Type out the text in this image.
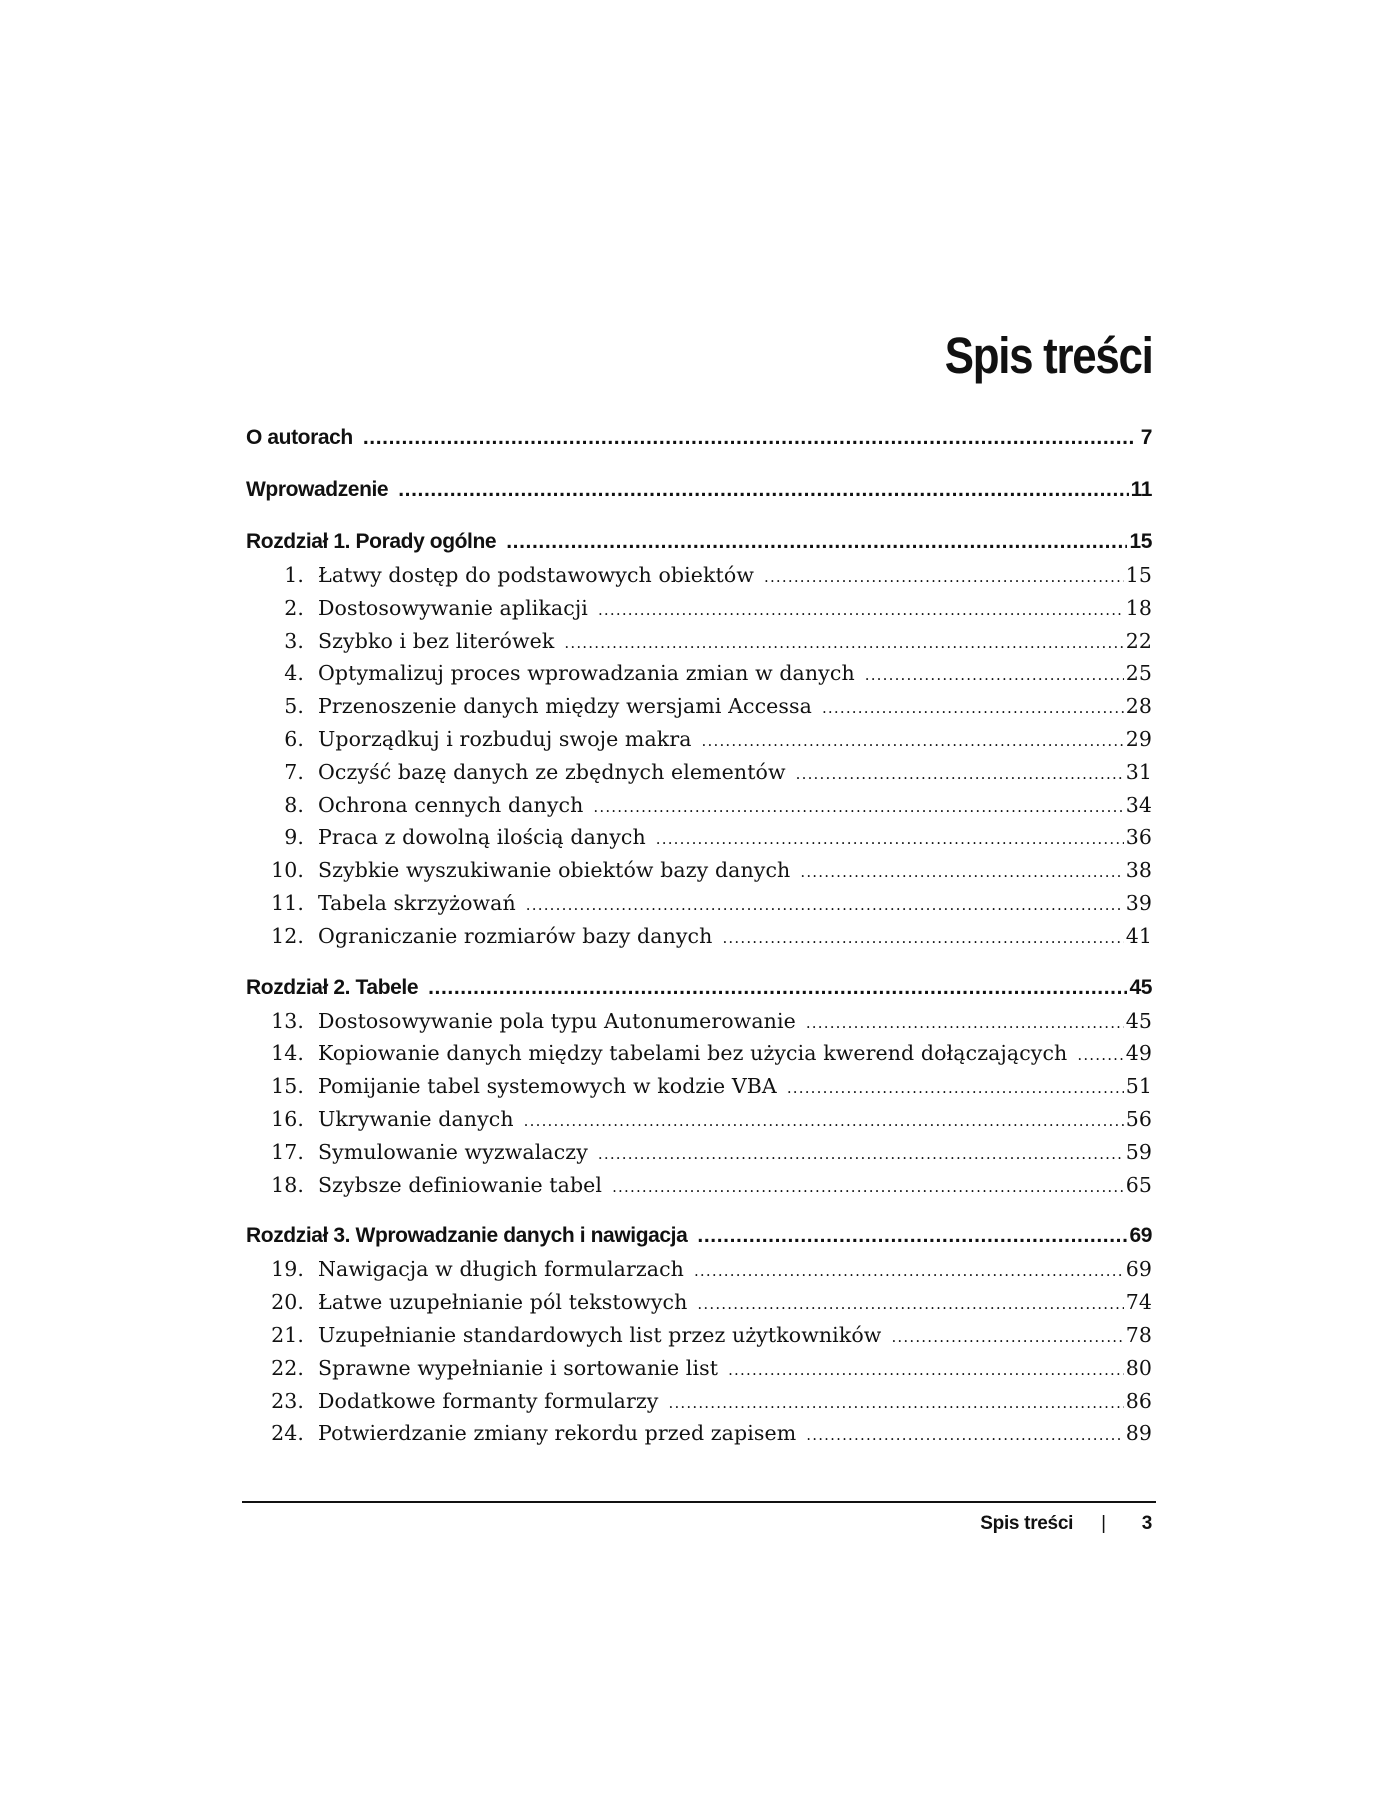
Spis treści
O autorach .....	7
Wprowadzenie .....	11
Rozdział 1. Porady ogólne .....	15
1. Łatwy dostęp do podstawowych obiektów .....	15
2. Dostosowywanie aplikacji .....	18
3. Szybko i bez literówek .....	22
4. Optymalizuj proces wprowadzania zmian w danych .....	25
5. Przenoszenie danych między wersjami Accessa .....	28
6. Uporządkuj i rozbuduj swoje makra .....	29
7. Oczyść bazę danych ze zbędnych elementów .....	31
8. Ochrona cennych danych .....	34
9. Praca z dowolną ilością danych .....	36
10. Szybkie wyszukiwanie obiektów bazy danych .....	38
11. Tabela skrzyżowań .....	39
12. Ograniczanie rozmiarów bazy danych .....	41
Rozdział 2. Tabele .....	45
13. Dostosowywanie pola typu Autonumerowanie .....	45
14. Kopiowanie danych między tabelami bez użycia kwerend dołączających .....	49
15. Pomijanie tabel systemowych w kodzie VBA .....	51
16. Ukrywanie danych .....	56
17. Symulowanie wyzwalaczy .....	59
18. Szybsze definiowanie tabel .....	65
Rozdział 3. Wprowadzanie danych i nawigacja .....	69
19. Nawigacja w długich formularzach .....	69
20. Łatwe uzupełnianie pól tekstowych .....	74
21. Uzupełnianie standardowych list przez użytkowników .....	78
22. Sprawne wypełnianie i sortowanie list .....	80
23. Dodatkowe formanty formularzy .....	86
24. Potwierdzanie zmiany rekordu przed zapisem .....	89
Spis treści | 3
